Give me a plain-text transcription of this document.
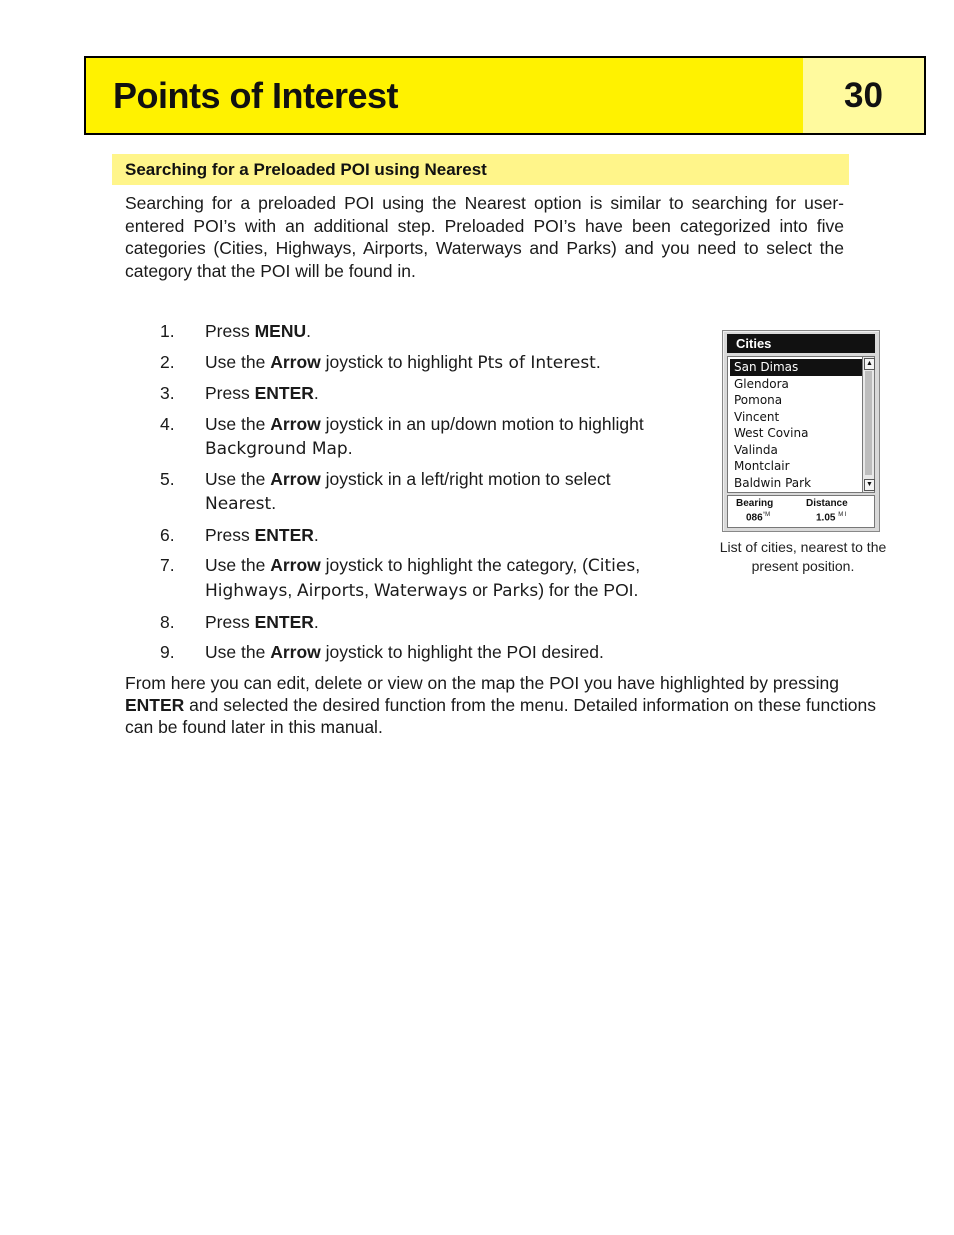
Points of Interest	30
Searching for a Preloaded POI using Nearest

Searching for a preloaded POI using the Nearest option is similar to searching for user-entered POI’s with an additional step. Preloaded POI’s have been categorized into five categories (Cities, Highways, Airports, Waterways and Parks) and you need to select the category that the POI will be found in.

1.	Press MENU.
2.	Use the Arrow joystick to highlight Pts of Interest.
3.	Press ENTER.
4.	Use the Arrow joystick in an up/down motion to highlight Background Map.
5.	Use the Arrow joystick in a left/right motion to select Nearest.
6.	Press ENTER.
7.	Use the Arrow joystick to highlight the category, (Cities, Highways, Airports, Waterways or Parks) for the POI.
8.	Press ENTER.
9.	Use the Arrow joystick to highlight the POI desired.

From here you can edit, delete or view on the map the POI you have highlighted by pressing ENTER and selected the desired function from the menu. Detailed information on these functions can be found later in this manual.

Cities
San Dimas
Glendora
Pomona
Vincent
West Covina
Valinda
Montclair
Baldwin Park
▲
▼
Bearing	Distance
$086^{^\circ M}$	1.05 $^{M I}$
List of cities, nearest to the present position.
